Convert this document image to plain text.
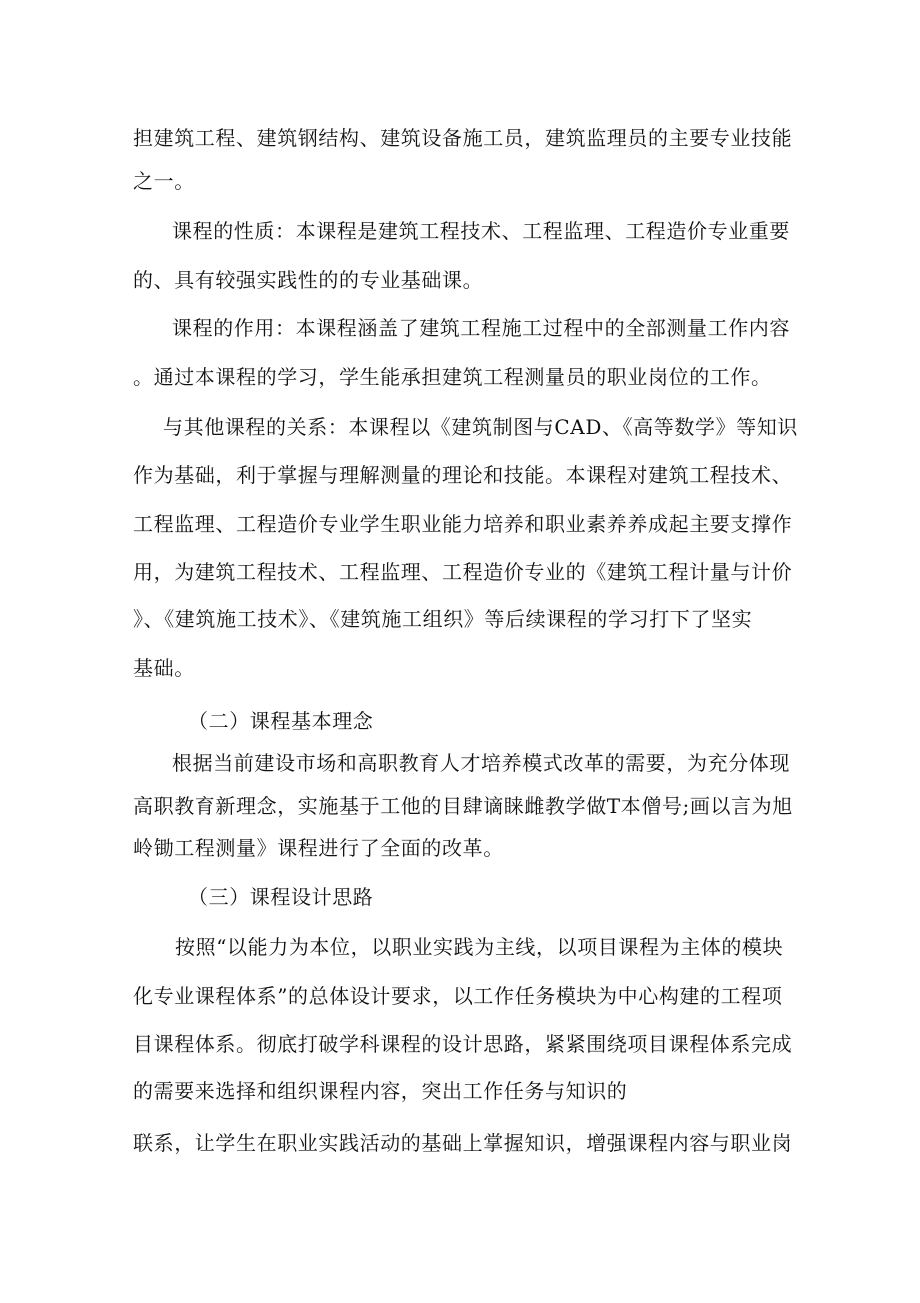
担建筑工程、建筑钢结构、建筑设备施工员，建筑监理员的主要专业技能
之一。
课程的性质：本课程是建筑工程技术、工程监理、工程造价专业重要
的、具有较强实践性的的专业基础课。
课程的作用：本课程涵盖了建筑工程施工过程中的全部测量工作内容
。通过本课程的学习，学生能承担建筑工程测量员的职业岗位的工作。
与其他课程的关系：本课程以《建筑制图与CAD、《高等数学》等知识
作为基础，利于掌握与理解测量的理论和技能。本课程对建筑工程技术、
工程监理、工程造价专业学生职业能力培养和职业素养养成起主要支撑作
用，为建筑工程技术、工程监理、工程造价专业的《建筑工程计量与计价
》、《建筑施工技术》、《建筑施工组织》等后续课程的学习打下了坚实
基础。
（二）课程基本理念
根据当前建设市场和高职教育人才培养模式改革的需要，为充分体现
高职教育新理念，实施基于工他的目肆谪睐雌教学做T本僧号;画以言为旭
岭锄工程测量》课程进行了全面的改革。
（三）课程设计思路
按照“以能力为本位，以职业实践为主线，以项目课程为主体的模块
化专业课程体系”的总体设计要求，以工作任务模块为中心构建的工程项
目课程体系。彻底打破学科课程的设计思路，紧紧围绕项目课程体系完成
的需要来选择和组织课程内容，突出工作任务与知识的
联系，让学生在职业实践活动的基础上掌握知识，增强课程内容与职业岗
